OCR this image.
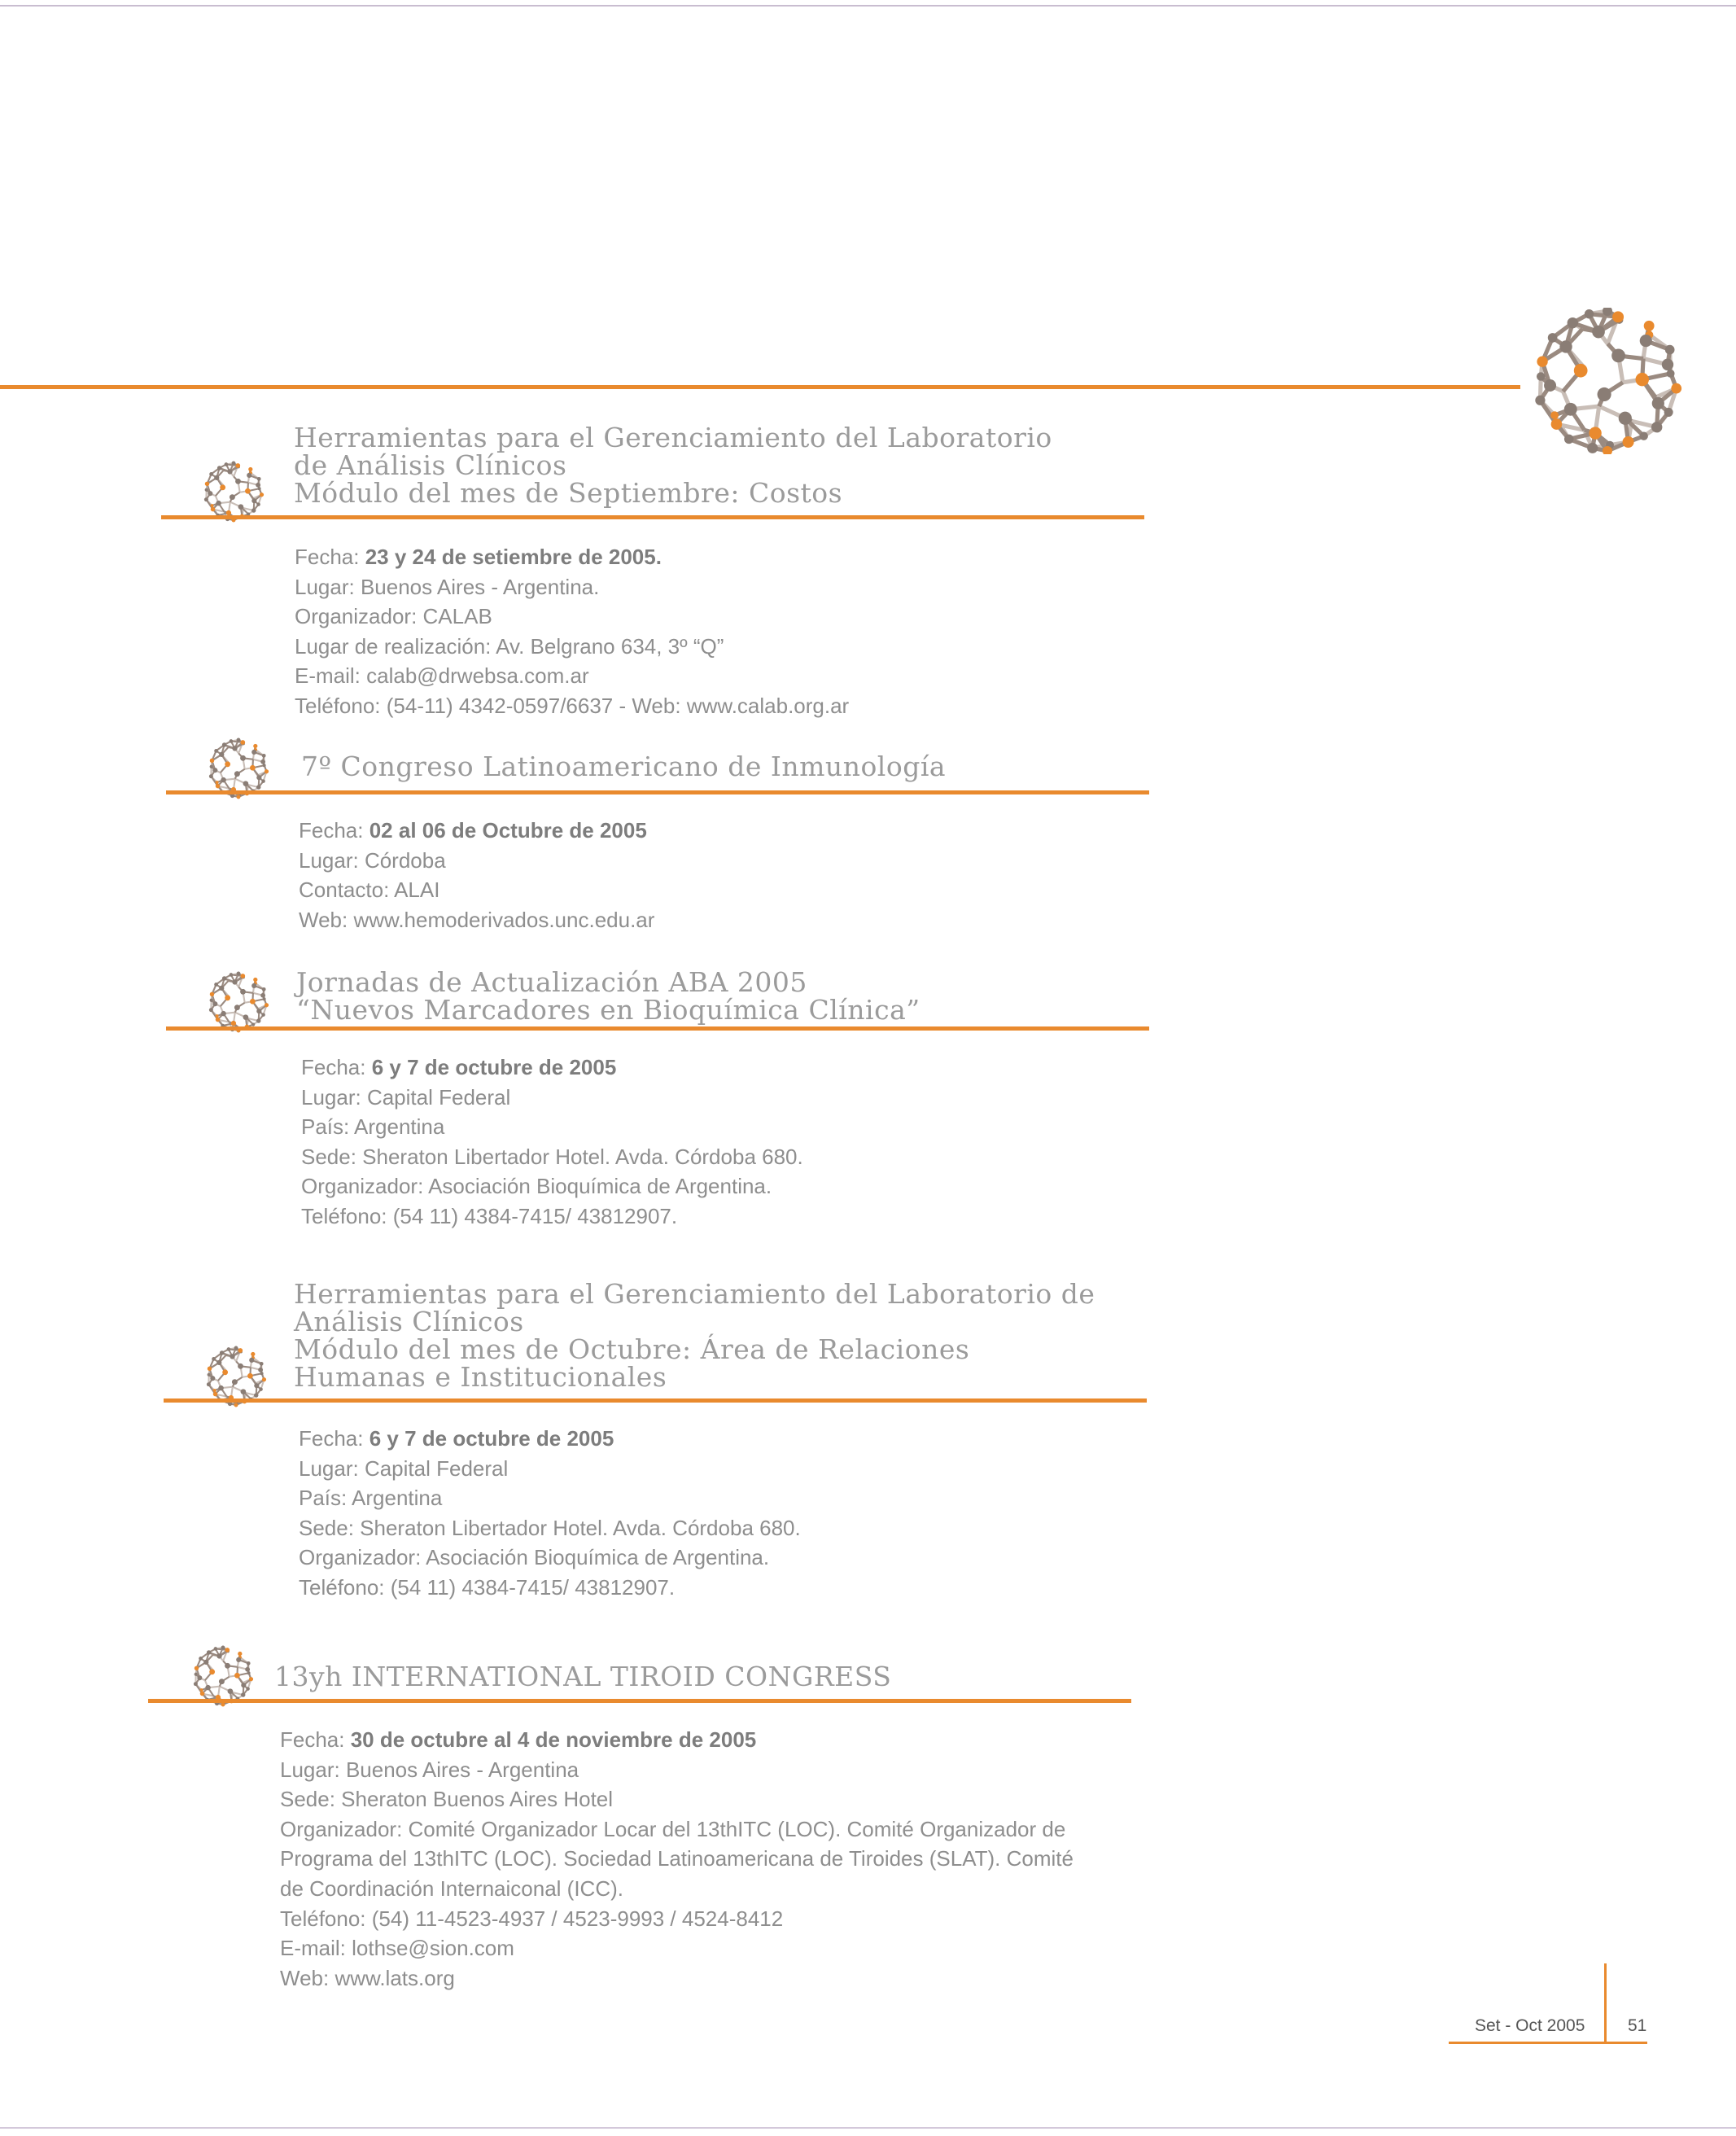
Herramientas para el Gerenciamiento del Laboratorio
de Análisis Clínicos
Módulo del mes de Septiembre: Costos
Fecha: 23 y 24 de setiembre de 2005.
Lugar: Buenos Aires - Argentina.
Organizador: CALAB
Lugar de realización: Av. Belgrano 634, 3º “Q”
E-mail: calab@drwebsa.com.ar
Teléfono: (54-11) 4342-0597/6637 - Web: www.calab.org.ar
7º Congreso Latinoamericano de Inmunología
Fecha: 02 al 06 de Octubre de 2005
Lugar: Córdoba
Contacto: ALAI
Web: www.hemoderivados.unc.edu.ar
Jornadas de Actualización ABA 2005
“Nuevos Marcadores en Bioquímica Clínica”
Fecha: 6 y 7 de octubre de 2005
Lugar: Capital Federal
País: Argentina
Sede: Sheraton Libertador Hotel. Avda. Córdoba 680.
Organizador: Asociación Bioquímica de Argentina.
Teléfono: (54 11) 4384-7415/ 43812907.
Herramientas para el Gerenciamiento del Laboratorio de
Análisis Clínicos
Módulo del mes de Octubre: Área de Relaciones
Humanas e Institucionales
Fecha: 6 y 7 de octubre de 2005
Lugar: Capital Federal
País: Argentina
Sede: Sheraton Libertador Hotel. Avda. Córdoba 680.
Organizador: Asociación Bioquímica de Argentina.
Teléfono: (54 11) 4384-7415/ 43812907.
13yh INTERNATIONAL TIROID CONGRESS
Fecha: 30 de octubre al 4 de noviembre de 2005
Lugar: Buenos Aires - Argentina
Sede: Sheraton Buenos Aires Hotel
Organizador: Comité Organizador Locar del 13thITC (LOC). Comité Organizador de
Programa del 13thITC (LOC). Sociedad Latinoamericana de Tiroides (SLAT). Comité
de Coordinación Internaiconal (ICC).
Teléfono: (54) 11-4523-4937 / 4523-9993 / 4524-8412
E-mail: lothse@sion.com
Web: www.lats.org
Set - Oct 2005	51
